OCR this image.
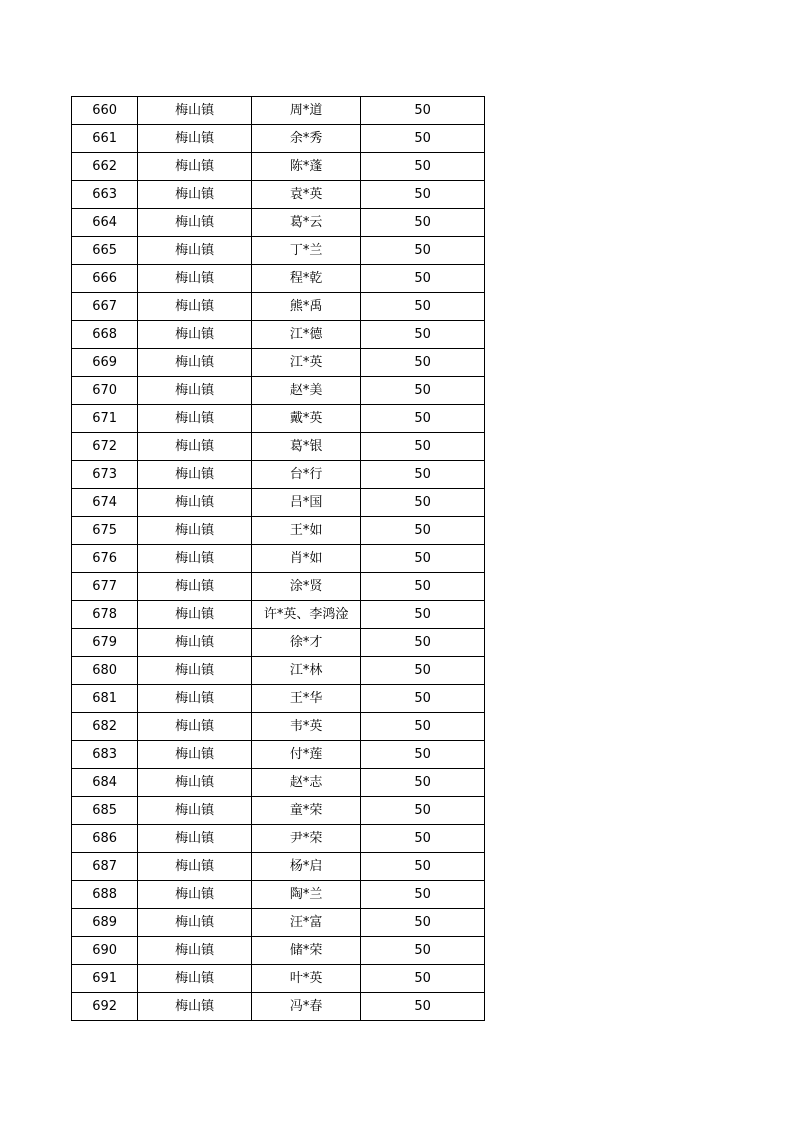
660	梅山镇	周*道	50
661	梅山镇	余*秀	50
662	梅山镇	陈*蓬	50
663	梅山镇	袁*英	50
664	梅山镇	葛*云	50
665	梅山镇	丁*兰	50
666	梅山镇	程*乾	50
667	梅山镇	熊*禹	50
668	梅山镇	江*德	50
669	梅山镇	江*英	50
670	梅山镇	赵*美	50
671	梅山镇	戴*英	50
672	梅山镇	葛*银	50
673	梅山镇	台*行	50
674	梅山镇	吕*国	50
675	梅山镇	王*如	50
676	梅山镇	肖*如	50
677	梅山镇	涂*贤	50
678	梅山镇	许*英、李鸿淦	50
679	梅山镇	徐*才	50
680	梅山镇	江*林	50
681	梅山镇	王*华	50
682	梅山镇	韦*英	50
683	梅山镇	付*莲	50
684	梅山镇	赵*志	50
685	梅山镇	童*荣	50
686	梅山镇	尹*荣	50
687	梅山镇	杨*启	50
688	梅山镇	陶*兰	50
689	梅山镇	汪*富	50
690	梅山镇	储*荣	50
691	梅山镇	叶*英	50
692	梅山镇	冯*春	50
